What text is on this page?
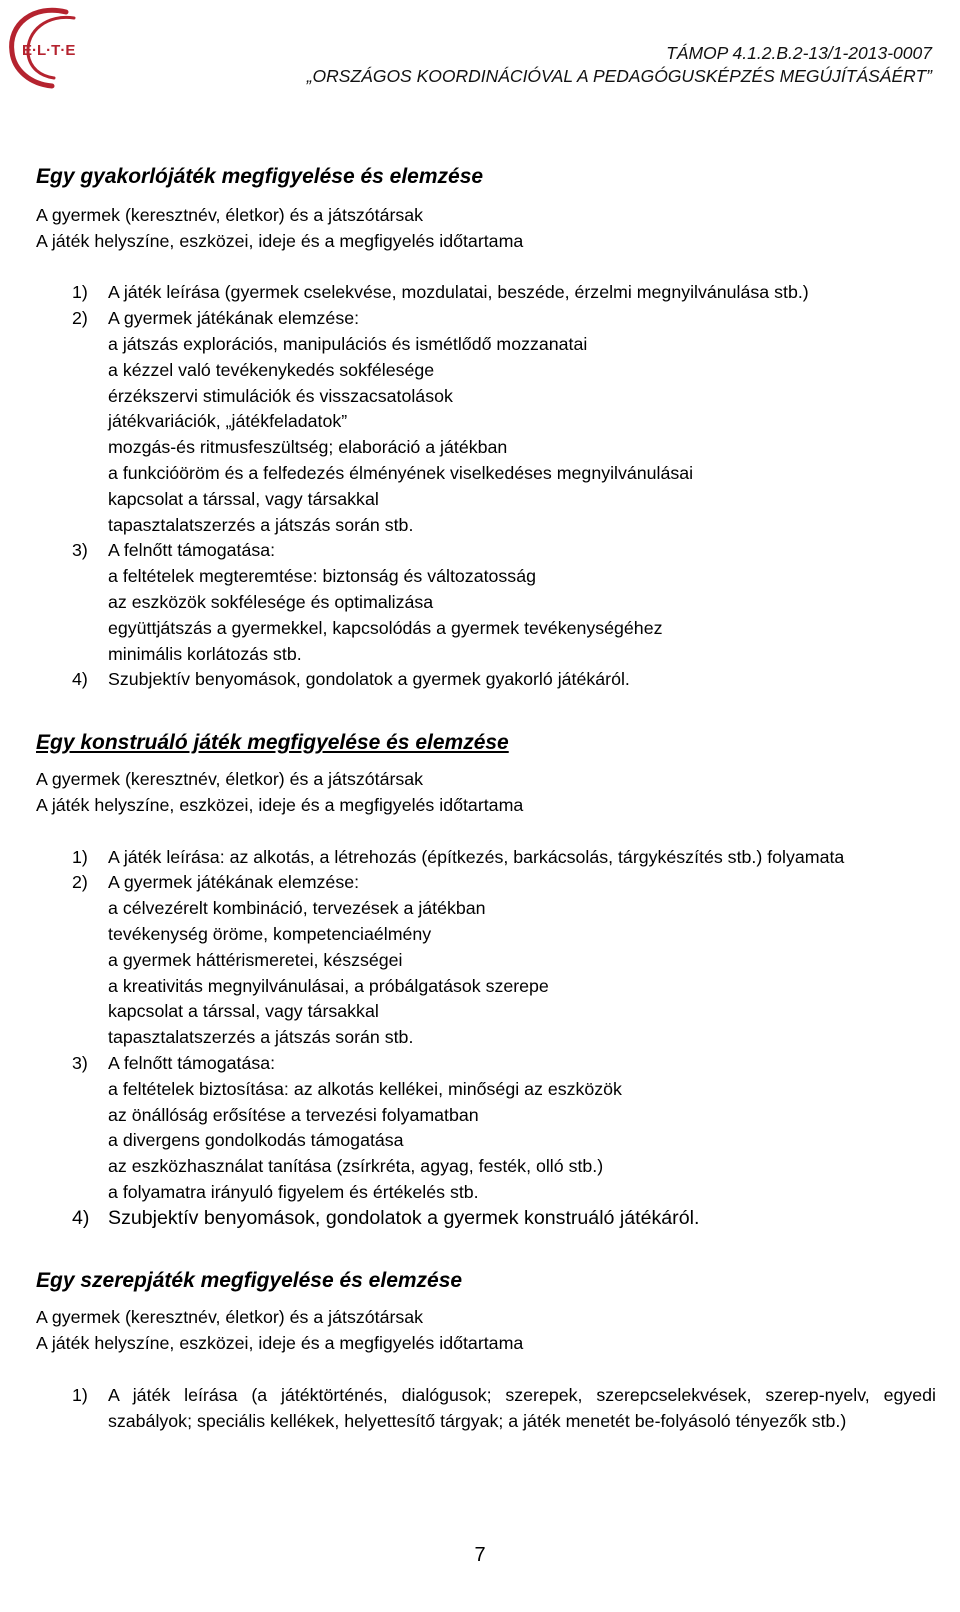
E·L·T·E	TÁMOP 4.1.2.B.2-13/1-2013-0007
„ORSZÁGOS KOORDINÁCIÓVAL A PEDAGÓGUSKÉPZÉS MEGÚJÍTÁSÁÉRT”
Egy gyakorlójáték megfigyelése és elemzése
A gyermek (keresztnév, életkor) és a játszótársak
A játék helyszíne, eszközei, ideje és a megfigyelés időtartama
1) A játék leírása (gyermek cselekvése, mozdulatai, beszéde, érzelmi megnyilvánulása stb.)
2) A gyermek játékának elemzése:
a játszás explorációs, manipulációs és ismétlődő mozzanatai
a kézzel való tevékenykedés sokfélesége
érzékszervi stimulációk és visszacsatolások
játékvariációk, „játékfeladatok”
mozgás-és ritmusfeszültség; elaboráció a játékban
a funkcióöröm és a felfedezés élményének viselkedéses megnyilvánulásai
kapcsolat a társsal, vagy társakkal
tapasztalatszerzés a játszás során stb.
3) A felnőtt támogatása:
a feltételek megteremtése: biztonság és változatosság
az eszközök sokfélesége és optimalizása
együttjátszás a gyermekkel, kapcsolódás a gyermek tevékenységéhez
minimális korlátozás stb.
4) Szubjektív benyomások, gondolatok a gyermek gyakorló játékáról.
Egy konstruáló játék megfigyelése és elemzése
A gyermek (keresztnév, életkor) és a játszótársak
A játék helyszíne, eszközei, ideje és a megfigyelés időtartama
1) A játék leírása: az alkotás, a létrehozás (építkezés, barkácsolás, tárgykészítés stb.) folyamata
2) A gyermek játékának elemzése:
a célvezérelt kombináció, tervezések a játékban
tevékenység öröme, kompetenciaélmény
a gyermek háttérismeretei, készségei
a kreativitás megnyilvánulásai, a próbálgatások szerepe
kapcsolat a társsal, vagy társakkal
tapasztalatszerzés a játszás során stb.
3) A felnőtt támogatása:
a feltételek biztosítása: az alkotás kellékei, minőségi az eszközök
az önállóság erősítése a tervezési folyamatban
a divergens gondolkodás támogatása
az eszközhasználat tanítása (zsírkréta, agyag, festék, olló stb.)
a folyamatra irányuló figyelem és értékelés stb.
4) Szubjektív benyomások, gondolatok a gyermek konstruáló játékáról.
Egy szerepjáték megfigyelése és elemzése
A gyermek (keresztnév, életkor) és a játszótársak
A játék helyszíne, eszközei, ideje és a megfigyelés időtartama
1) A játék leírása (a játéktörténés, dialógusok; szerepek, szerepcselekvések, szerep-nyelv, egyedi szabályok; speciális kellékek, helyettesítő tárgyak; a játék menetét be-folyásoló tényezők stb.)
7
